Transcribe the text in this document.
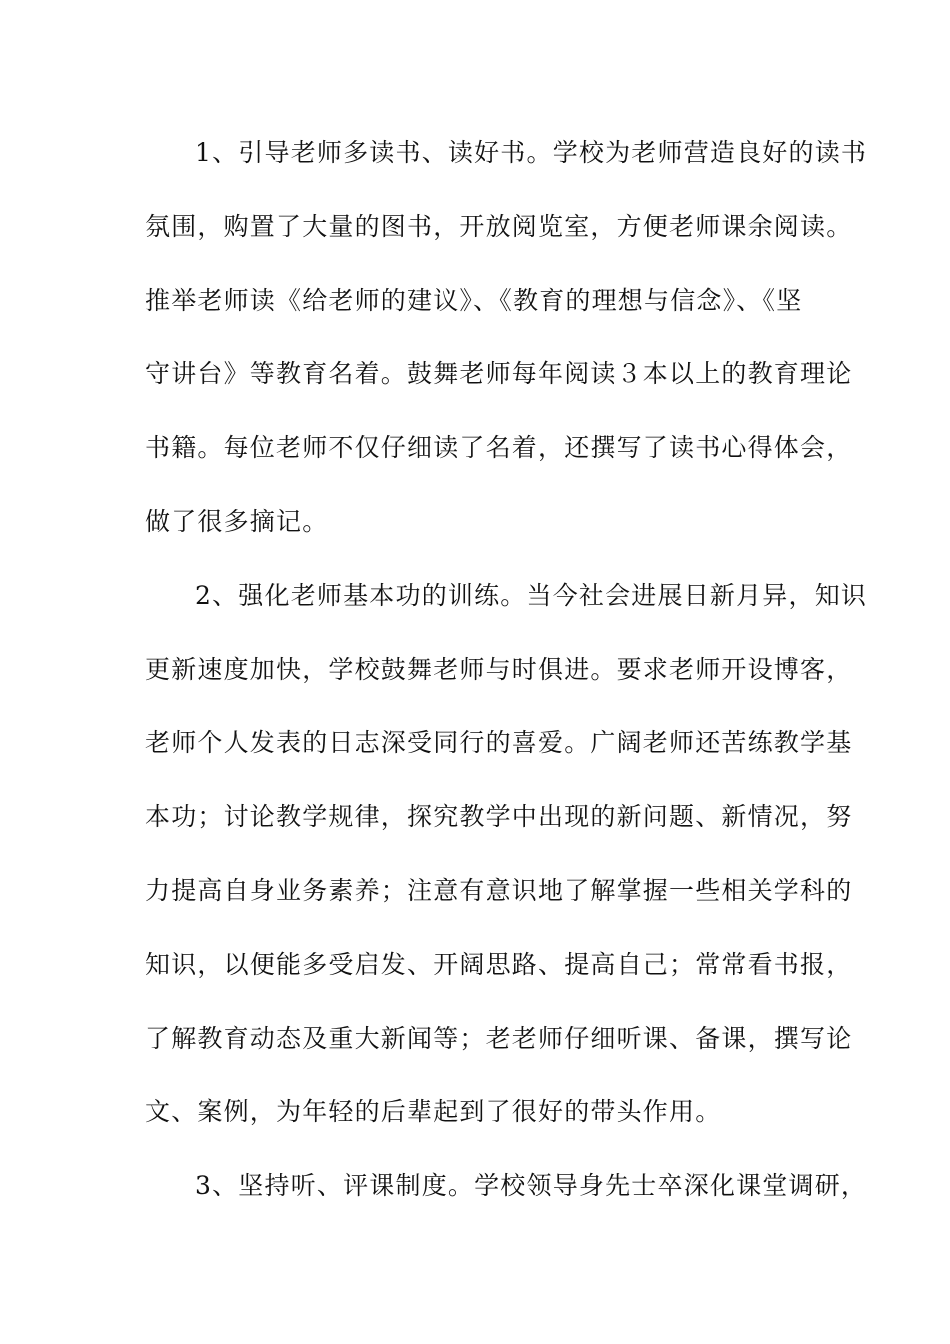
1、引导老师多读书、读好书。学校为老师营造良好的读书
氛围，购置了大量的图书，开放阅览室，方便老师课余阅读。
推举老师读《给老师的建议》、《教育的理想与信念》、《坚
守讲台》等教育名着。鼓舞老师每年阅读３本以上的教育理论
书籍。每位老师不仅仔细读了名着，还撰写了读书心得体会，
做了很多摘记。
2、强化老师基本功的训练。当今社会进展日新月异，知识
更新速度加快，学校鼓舞老师与时俱进。要求老师开设博客，
老师个人发表的日志深受同行的喜爱。广阔老师还苦练教学基
本功；讨论教学规律，探究教学中出现的新问题、新情况，努
力提高自身业务素养；注意有意识地了解掌握一些相关学科的
知识，以便能多受启发、开阔思路、提高自己；常常看书报，
了解教育动态及重大新闻等；老老师仔细听课、备课，撰写论
文、案例，为年轻的后辈起到了很好的带头作用。
3、坚持听、评课制度。学校领导身先士卒深化课堂调研，
